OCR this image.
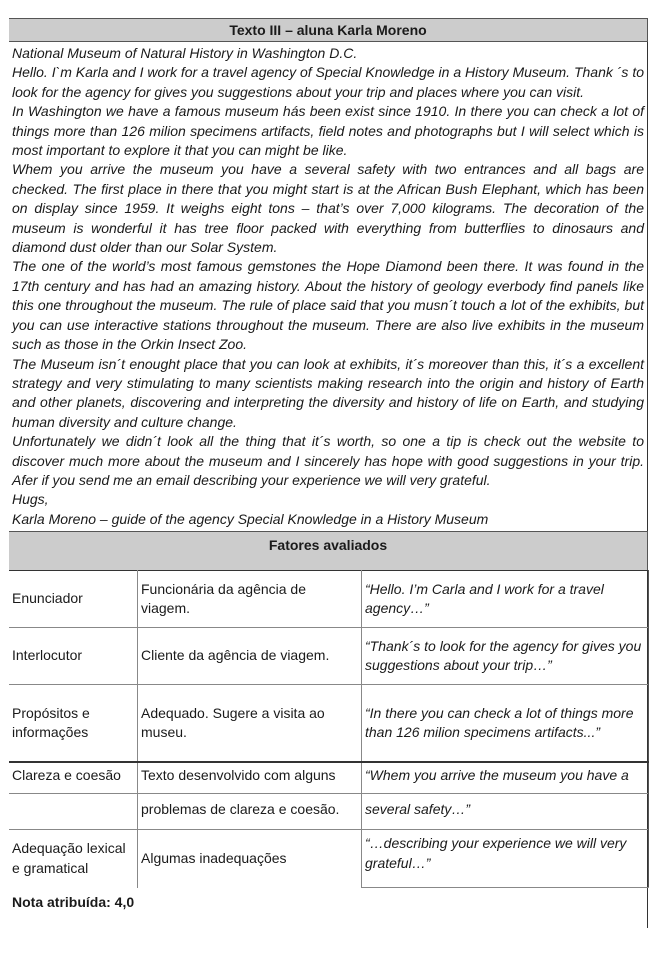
Texto III – aluna Karla Moreno

National Museum of Natural History in Washington D.C.

Hello. I`m Karla and I work for a travel agency of Special Knowledge in a History Museum. Thank ´s to look for the agency for gives you suggestions about your trip and places where you can visit.

In Washington we have a famous museum hás been exist since 1910. In there you can check a lot of things more than 126 milion specimens artifacts, field notes and photographs but I will select which is most important to explore it that you can might be like.

Whem you arrive the museum you have a several safety with two entrances and all bags are checked. The first place in there that you might start is at the African Bush Elephant, which has been on display since 1959. It weighs eight tons – that’s over 7,000 kilograms. The decoration of the museum is wonderful it has tree floor packed with everything from butterflies to dinosaurs and diamond dust older than our Solar System.

The one of the world’s most famous gemstones the Hope Diamond been there. It was found in the 17th century and has had an amazing history. About the history of geology everbody find panels like this one throughout the museum. The rule of place said that you musn´t touch a lot of the exhibits, but you can use interactive stations throughout the museum. There are also live exhibits in the museum such as those in the Orkin Insect Zoo.

The Museum isn´t enought place that you can look at exhibits, it´s moreover than this, it´s a excellent strategy and very stimulating to many scientists making research into the origin and history of Earth and other planets, discovering and interpreting the diversity and history of life on Earth, and studying human diversity and culture change.

Unfortunately we didn´t look all the thing that it´s worth, so one a tip is check out the website to discover much more about the museum and I sincerely has hope with good suggestions in your trip. Afer if you send me an email describing your experience we will very grateful.

Hugs,

Karla Moreno – guide of the agency Special Knowledge in a History Museum

Fatores avaliados
Enunciador	Funcionária da agência de viagem.	“Hello. I’m Carla and I work for a travel agency…”
Interlocutor	Cliente da agência de viagem.	“Thank´s to look for the agency for gives you suggestions about your trip…”
Propósitos e informações	Adequado. Sugere a visita ao museu.	“In there you can check a lot of things more than 126 milion specimens artifacts...”
Clareza e coesão	Texto desenvolvido com alguns	“Whem you arrive the museum you have a
	problemas de clareza e coesão.	several safety…”
Adequação lexical e gramatical	Algumas inadequações	“…describing your experience we will very grateful…”
Nota atribuída: 4,0
